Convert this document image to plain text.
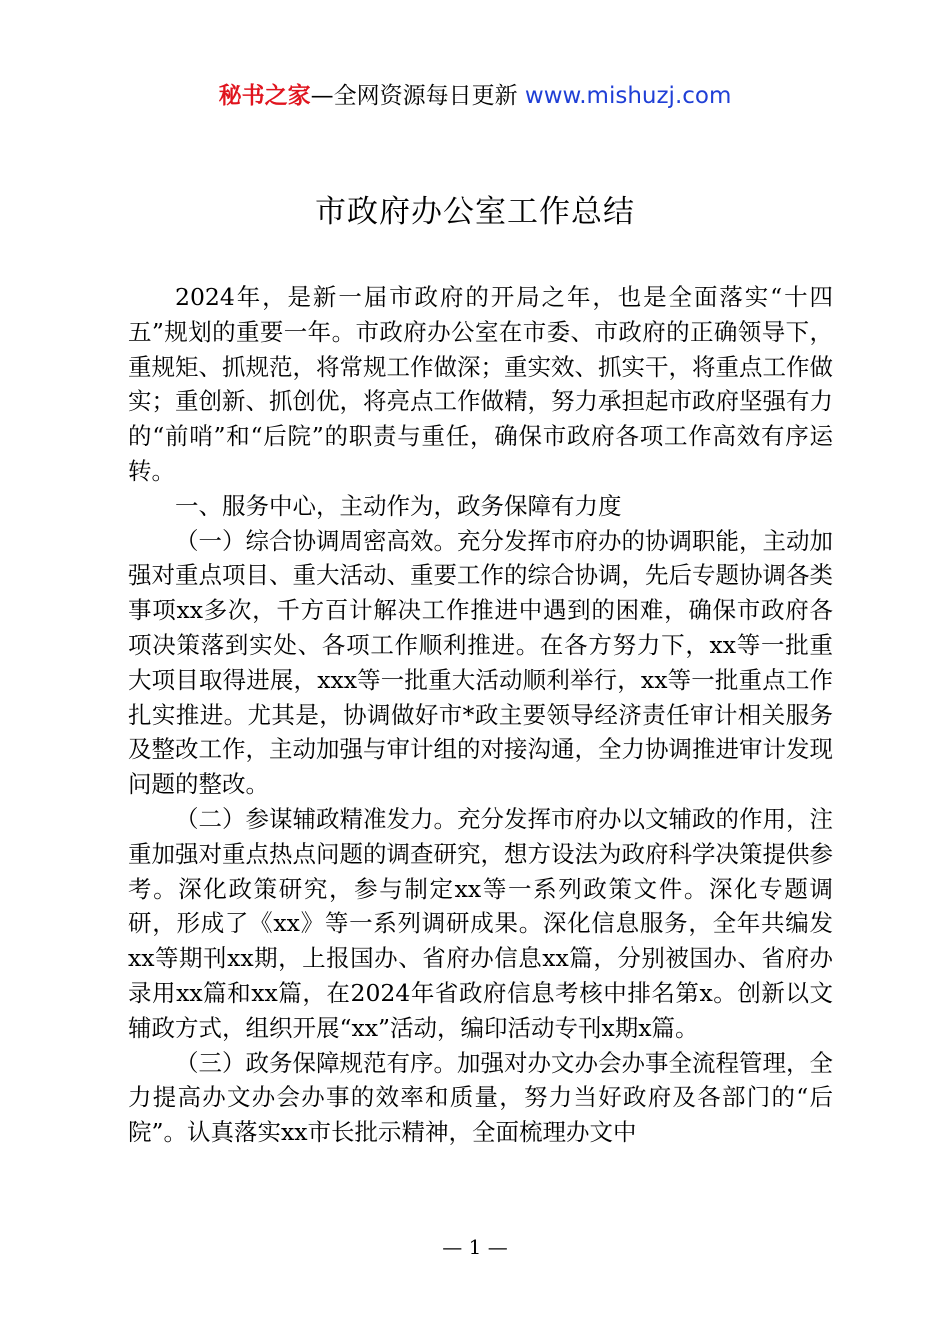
秘书之家—全网资源每日更新 www.mishuzj.com
市政府办公室工作总结

2024年，是新一届市政府的开局之年，也是全面落实“十四五”规划的重要一年。市政府办公室在市委、市政府的正确领导下，重规矩、抓规范，将常规工作做深；重实效、抓实干，将重点工作做实；重创新、抓创优，将亮点工作做精，努力承担起市政府坚强有力的“前哨”和“后院”的职责与重任，确保市政府各项工作高效有序运转。

一、服务中心，主动作为，政务保障有力度

（一）综合协调周密高效。充分发挥市府办的协调职能，主动加强对重点项目、重大活动、重要工作的综合协调，先后专题协调各类事项xx多次，千方百计解决工作推进中遇到的困难，确保市政府各项决策落到实处、各项工作顺利推进。在各方努力下，xx等一批重大项目取得进展，xxx等一批重大活动顺利举行，xx等一批重点工作扎实推进。尤其是，协调做好市*政主要领导经济责任审计相关服务及整改工作，主动加强与审计组的对接沟通，全力协调推进审计发现问题的整改。

（二）参谋辅政精准发力。充分发挥市府办以文辅政的作用，注重加强对重点热点问题的调查研究，想方设法为政府科学决策提供参考。深化政策研究，参与制定xx等一系列政策文件。深化专题调研，形成了《xx》等一系列调研成果。深化信息服务，全年共编发xx等期刊xx期，上报国办、省府办信息xx篇，分别被国办、省府办录用xx篇和xx篇，在2024年省政府信息考核中排名第x。创新以文辅政方式，组织开展“xx”活动，编印活动专刊x期x篇。

（三）政务保障规范有序。加强对办文办会办事全流程管理，全力提高办文办会办事的效率和质量，努力当好政府及各部门的“后院”。认真落实xx市长批示精神，全面梳理办文中

— 1 —
